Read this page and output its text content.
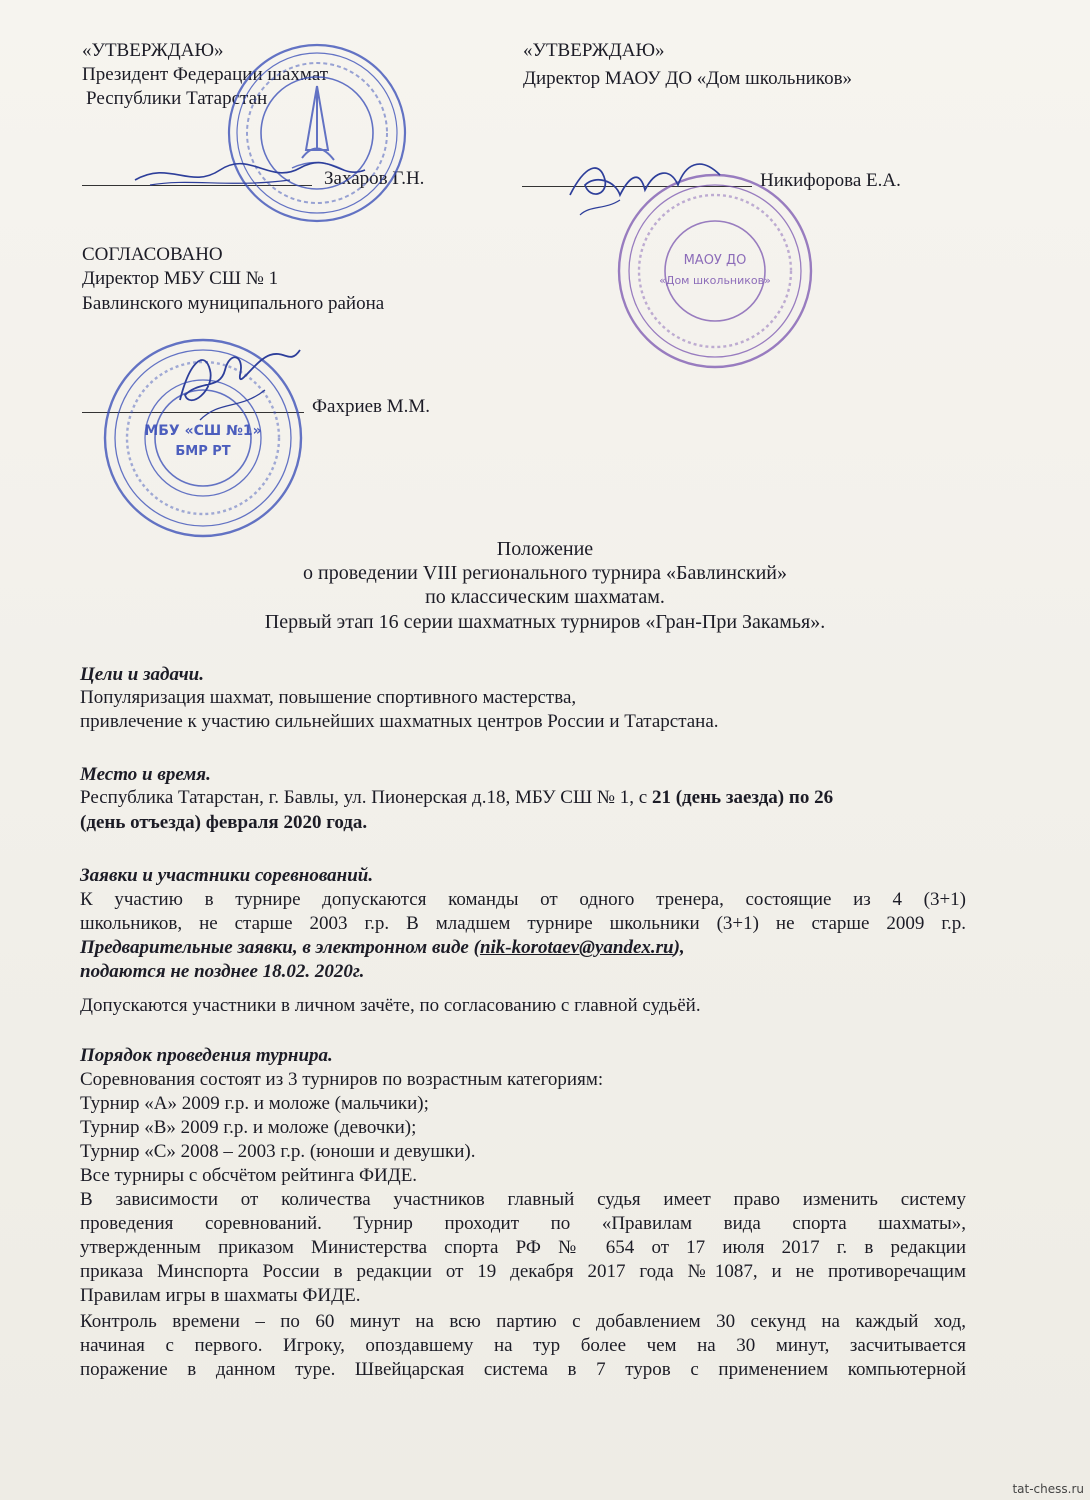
«УТВЕРЖДАЮ»
Президент Федерации шахмат
Республики Татарстан
Захаров Г.Н.
«УТВЕРЖДАЮ»
Директор МАОУ ДО «Дом школьников»
Никифорова Е.А.
СОГЛАСОВАНО
Директор МБУ СШ № 1
Бавлинского муниципального района
Фахриев М.М.
МАОУ ДО
«Дом школьников»
МБУ «СШ №1»
БМР РТ
Положение
о проведении VIII регионального турнира «Бавлинский»
по классическим шахматам.
Первый этап 16 серии шахматных турниров «Гран-При Закамья».
Цели и задачи.
Популяризация шахмат, повышение спортивного мастерства,
привлечение к участию сильнейших шахматных центров России и Татарстана.
Место и время.
Республика Татарстан, г. Бавлы, ул. Пионерская д.18, МБУ СШ № 1, с 21 (день заезда) по 26
(день отъезда) февраля 2020 года.
Заявки и участники соревнований.
К участию в турнире допускаются команды от одного тренера, состоящие из 4 (3+1)
школьников, не старше 2003 г.р. В младшем турнире школьники (3+1) не старше 2009 г.р.
Предварительные заявки, в электронном виде (nik-korotaev@yandex.ru),
подаются не позднее 18.02. 2020г.
Допускаются участники в личном зачёте, по согласованию с главной судьёй.
Порядок проведения турнира.
Соревнования состоят из 3 турниров по возрастным категориям:
Турнир «А» 2009 г.р. и моложе (мальчики);
Турнир «В» 2009 г.р. и моложе (девочки);
Турнир «С» 2008 – 2003 г.р. (юноши и девушки).
Все турниры с обсчётом рейтинга ФИДЕ.
В зависимости от количества участников главный судья имеет право изменить систему
проведения соревнований. Турнир проходит по «Правилам вида спорта шахматы»,
утвержденным приказом Министерства спорта РФ № 654 от 17 июля 2017 г. в редакции
приказа Минспорта России в редакции от 19 декабря 2017 года №1087, и не противоречащим
Правилам игры в шахматы ФИДЕ.
Контроль времени – по 60 минут на всю партию с добавлением 30 секунд на каждый ход,
начиная с первого. Игроку, опоздавшему на тур более чем на 30 минут, засчитывается
поражение в данном туре. Швейцарская система в 7 туров с применением компьютерной
tat-chess.ru
